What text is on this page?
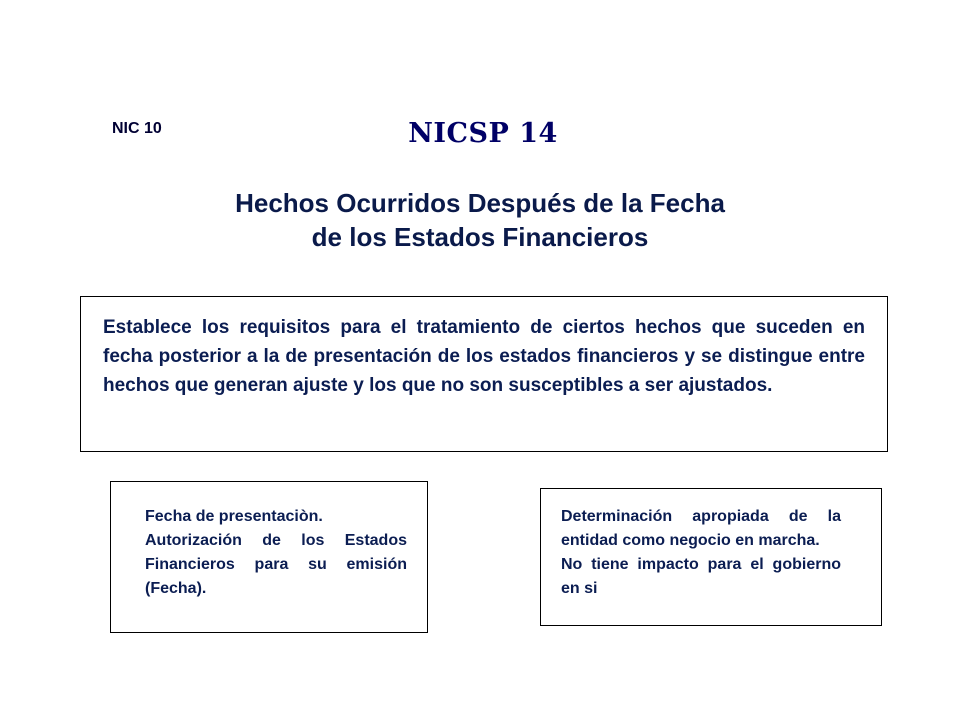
NIC 10	NICSP 14
Hechos Ocurridos Después de la Fecha
de los Estados Financieros

Establece los requisitos para el tratamiento de ciertos hechos que suceden en fecha posterior a la de presentación de los estados financieros y se distingue entre hechos que generan ajuste y los que no son susceptibles a ser ajustados.

Fecha de presentaciòn.
Autorización de los Estados Financieros para su emisión (Fecha).
Determinación apropiada de la entidad como negocio en marcha.
No tiene impacto para el gobierno en si
